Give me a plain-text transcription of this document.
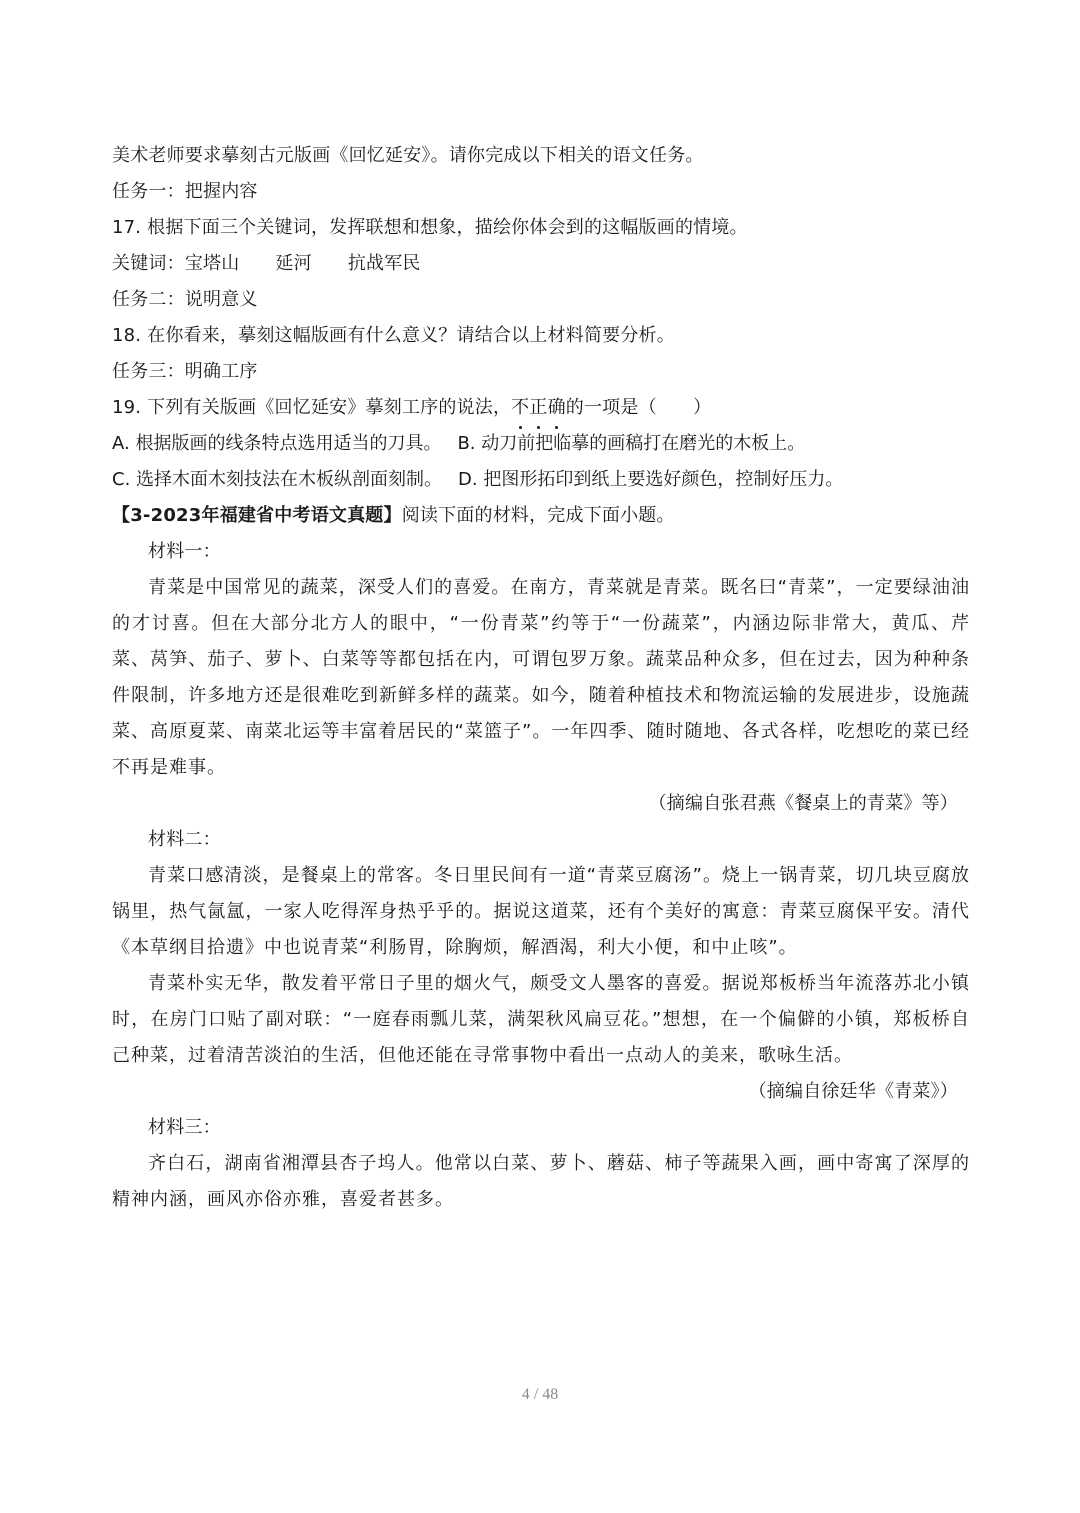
美术老师要求摹刻古元版画《回忆延安》。请你完成以下相关的语文任务。
任务一：把握内容
17. 根据下面三个关键词，发挥联想和想象，描绘你体会到的这幅版画的情境。
关键词：宝塔山 延河 抗战军民
任务二：说明意义
18. 在你看来，摹刻这幅版画有什么意义？请结合以上材料简要分析。
任务三：明确工序
19. 下列有关版画《回忆延安》摹刻工序的说法，不正确的一项是（　　）
A. 根据版画的线条特点选用适当的刀具。 B. 动刀前把临摹的画稿打在磨光的木板上。
C. 选择木面木刻技法在木板纵剖面刻制。 D. 把图形拓印到纸上要选好颜色，控制好压力。
【3-2023年福建省中考语文真题】阅读下面的材料，完成下面小题。
材料一：
青菜是中国常见的蔬菜，深受人们的喜爱。在南方，青菜就是青菜。既名曰“青菜”，一定要绿油油的才讨喜。但在大部分北方人的眼中，“一份青菜”约等于“一份蔬菜”，内涵边际非常大，黄瓜、芹菜、莴笋、茄子、萝卜、白菜等等都包括在内，可谓包罗万象。蔬菜品种众多，但在过去，因为种种条件限制，许多地方还是很难吃到新鲜多样的蔬菜。如今，随着种植技术和物流运输的发展进步，设施蔬菜、高原夏菜、南菜北运等丰富着居民的“菜篮子”。一年四季、随时随地、各式各样，吃想吃的菜已经不再是难事。
（摘编自张君燕《餐桌上的青菜》等）
材料二：
青菜口感清淡，是餐桌上的常客。冬日里民间有一道“青菜豆腐汤”。烧上一锅青菜，切几块豆腐放锅里，热气氤氲，一家人吃得浑身热乎乎的。据说这道菜，还有个美好的寓意：青菜豆腐保平安。清代《本草纲目拾遗》中也说青菜“利肠胃，除胸烦，解酒渴，利大小便，和中止咳”。
青菜朴实无华，散发着平常日子里的烟火气，颇受文人墨客的喜爱。据说郑板桥当年流落苏北小镇时，在房门口贴了副对联：“一庭春雨瓢儿菜，满架秋风扁豆花。”想想，在一个偏僻的小镇，郑板桥自己种菜，过着清苦淡泊的生活，但他还能在寻常事物中看出一点动人的美来，歌咏生活。
（摘编自徐廷华《青菜》）
材料三：
齐白石，湖南省湘潭县杏子坞人。他常以白菜、萝卜、蘑菇、柿子等蔬果入画，画中寄寓了深厚的精神内涵，画风亦俗亦雅，喜爱者甚多。
4 / 48
